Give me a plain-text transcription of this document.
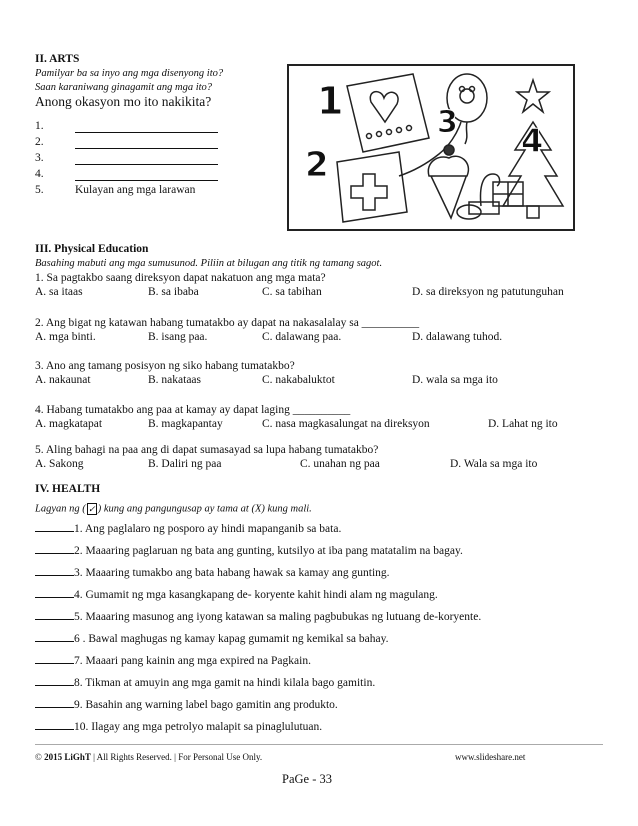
II. ARTS
Pamilyar ba sa inyo ang mga disenyong ito?
Saan karaniwang ginagamit ang mga ito?
Anong okasyon mo ito nakikita?
1.
2.
3.
4.
5.	Kulayan ang mga larawan
1
2
3 4
III. Physical Education
Basahing mabuti ang mga sumusunod. Piliin at bilugan ang titik ng tamang sagot.
1. Sa pagtakbo saang direksyon dapat nakatuon ang mga mata?
A. sa itaas	B. sa ibaba	C. sa tabihan	D. sa direksyon ng patutunguhan
2. Ang bigat ng katawan habang tumatakbo ay dapat na nakasalalay sa __________
A. mga binti.	B. isang paa.	C. dalawang paa.	D. dalawang tuhod.
3. Ano ang tamang posisyon ng siko habang tumatakbo?
A. nakaunat	B. nakataas	C. nakabaluktot	D. wala sa mga ito
4. Habang tumatakbo ang paa at kamay ay dapat laging __________
A. magkatapat	B. magkapantay	C. nasa magkasalungat na direksyon	D. Lahat ng ito
5. Aling bahagi na paa ang di dapat sumasayad sa lupa habang tumatakbo?
A. Sakong	B. Daliri ng paa	C. unahan ng paa	D. Wala sa mga ito
IV. HEALTH
Lagyan ng ( ✓ ) kung ang pangungusap ay tama at (X) kung mali.
1. Ang paglalaro ng posporo ay hindi mapanganib sa bata.
2. Maaaring paglaruan ng bata ang gunting, kutsilyo at iba pang matatalim na bagay.
3. Maaaring tumakbo ang bata habang hawak sa kamay ang gunting.
4. Gumamit ng mga kasangkapang de- koryente kahit hindi alam ng magulang.
5. Maaaring masunog ang iyong katawan sa maling pagbubukas ng lutuang de-koryente.
6 . Bawal maghugas ng kamay kapag gumamit ng kemikal sa bahay.
7. Maaari pang kainin ang mga expired na Pagkain.
8. Tikman at amuyin ang mga gamit na hindi kilala bago gamitin.
9. Basahin ang warning label bago gamitin ang produkto.
10. Ilagay ang mga petrolyo malapit sa pinaglulutuan.
© 2015 LiGhT | All Rights Reserved. | For Personal Use Only.	www.slideshare.net
PaGe - 33
